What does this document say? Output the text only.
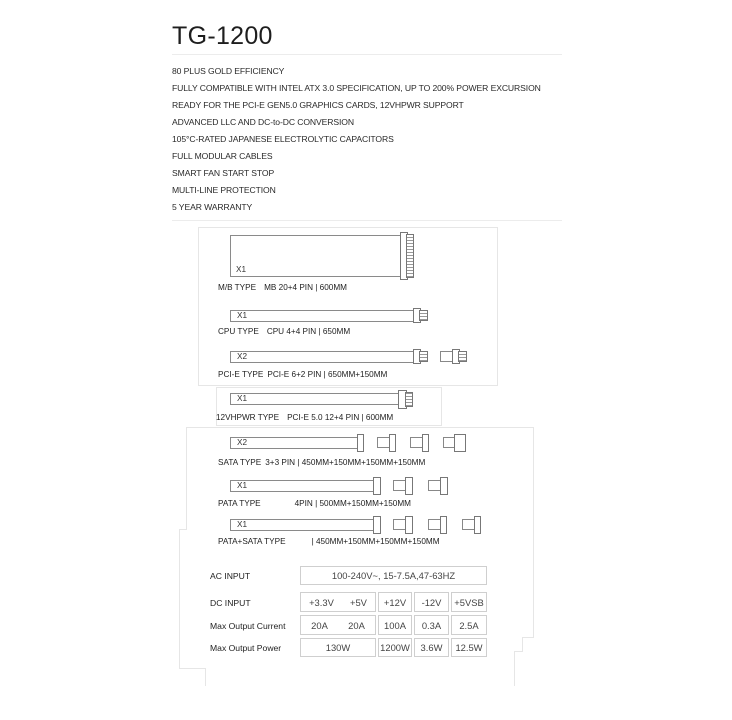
TG-1200
80 PLUS GOLD EFFICIENCY
FULLY COMPATIBLE WITH INTEL ATX 3.0 SPECIFICATION, UP TO 200% POWER EXCURSION
READY FOR THE PCI-E GEN5.0 GRAPHICS CARDS, 12VHPWR SUPPORT
ADVANCED LLC AND DC-to-DC CONVERSION
105°C-RATED JAPANESE ELECTROLYTIC CAPACITORS
FULL MODULAR CABLES
SMART FAN START STOP
MULTI-LINE PROTECTION
5 YEAR WARRANTY
X1
M/B TYPE MB 20+4 PIN | 600MM
X1
CPU TYPE CPU 4+4 PIN | 650MM
X2
PCI-E TYPE PCI-E 6+2 PIN | 650MM+150MM
X1
12VHPWR TYPE PCI-E 5.0 12+4 PIN | 600MM
X2
SATA TYPE 3+3 PIN | 450MM+150MM+150MM+150MM
X1
PATA TYPE	4PIN | 500MM+150MM+150MM
X1
PATA+SATA TYPE	| 450MM+150MM+150MM+150MM
AC INPUT	100-240V~, 15-7.5A,47-63HZ
DC INPUT	+3.3V +5V +12V -12V +5VSB
Max Output Current	20A 20A 100A 0.3A 2.5A
Max Output Power	130W	1200W 3.6W 12.5W
